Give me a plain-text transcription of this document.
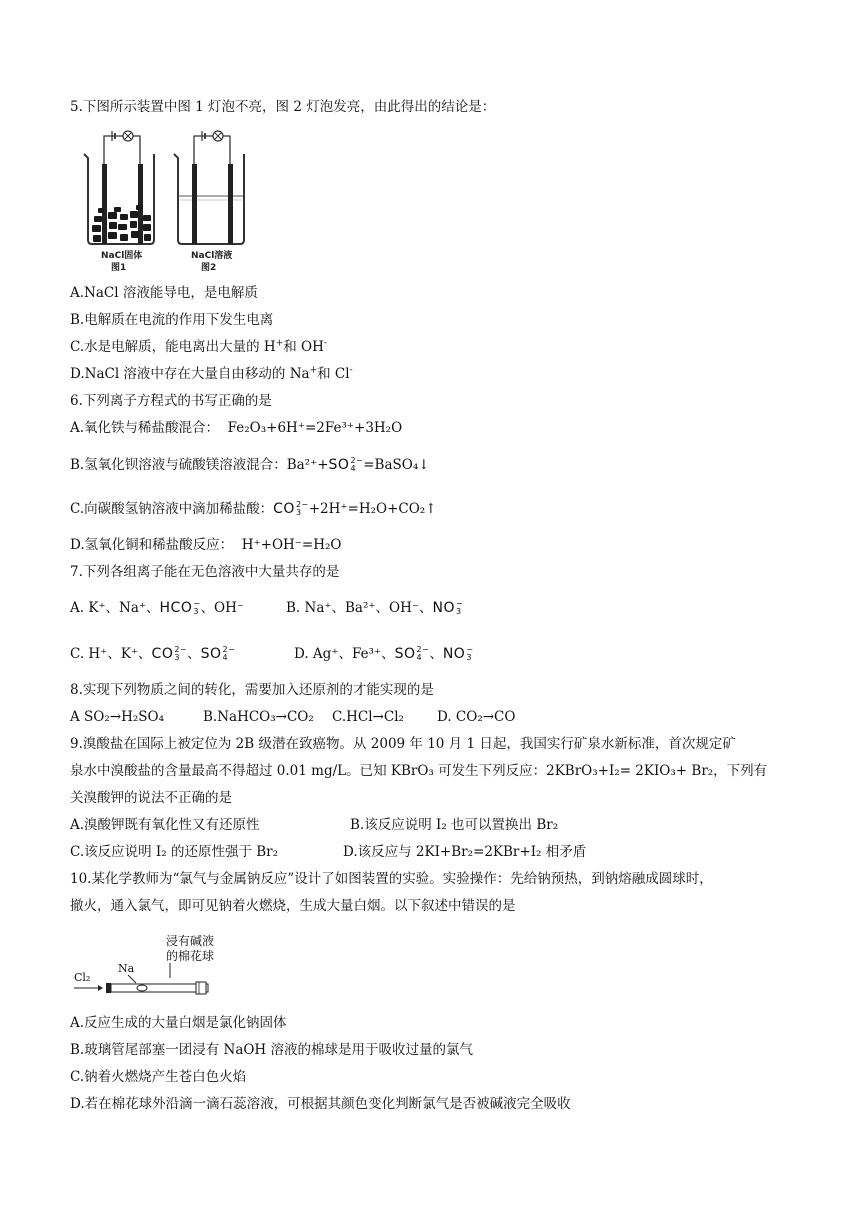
5.下图所示装置中图 1 灯泡不亮，图 2 灯泡发亮，由此得出的结论是：
NaCl固体
图1
NaCl溶液
图2
A.NaCl 溶液能导电，是电解质
B.电解质在电流的作用下发生电离
C.水是电解质，能电离出大量的 H+和 OH-
D.NaCl 溶液中存在大量自由移动的 Na+和 Cl-
6.下列离子方程式的书写正确的是
A.氧化铁与稀盐酸混合： Fe₂O₃+6H⁺=2Fe³⁺+3H₂O
B.氢氧化钡溶液与硫酸镁溶液混合：Ba²⁺+SO 2−
4 =BaSO₄↓
C.向碳酸氢钠溶液中滴加稀盐酸：CO 2−
3 +2H⁺=H₂O+CO₂↑
D.氢氧化铜和稀盐酸反应： H⁺+OH⁻=H₂O
7.下列各组离子能在无色溶液中大量共存的是
A. K⁺、Na⁺、HCO −
3 、OH⁻	B. Na⁺、Ba²⁺、OH⁻、NO −
3
C. H⁺、K⁺、CO 2−
3 、SO 2−
4	D. Ag⁺、Fe³⁺、SO 2−
4 、NO −
3
8.实现下列物质之间的转化，需要加入还原剂的才能实现的是
A SO₂→H₂SO₄	B.NaHCO₃→CO₂ C.HCl→Cl₂ D. CO₂→CO
9.溴酸盐在国际上被定位为 2B 级潜在致癌物。从 2009 年 10 月 1 日起，我国实行矿泉水新标准，首次规定矿
泉水中溴酸盐的含量最高不得超过 0.01 mg/L。已知 KBrO₃ 可发生下列反应：2KBrO₃+I₂= 2KIO₃+ Br₂，下列有
关溴酸钾的说法不正确的是
A.溴酸钾既有氧化性又有还原性	B.该反应说明 I₂ 也可以置换出 Br₂
C.该反应说明 I₂ 的还原性强于 Br₂	D.该反应与 2KI+Br₂=2KBr+I₂ 相矛盾
10.某化学教师为“氯气与金属钠反应”设计了如图装置的实验。实验操作：先给钠预热，到钠熔融成圆球时，
撤火，通入氯气，即可见钠着火燃烧，生成大量白烟。以下叙述中错误的是
浸有碱液
的棉花球
Na
Cl₂
A.反应生成的大量白烟是氯化钠固体
B.玻璃管尾部塞一团浸有 NaOH 溶液的棉球是用于吸收过量的氯气
C.钠着火燃烧产生苍白色火焰
D.若在棉花球外沿滴一滴石蕊溶液，可根据其颜色变化判断氯气是否被碱液完全吸收
